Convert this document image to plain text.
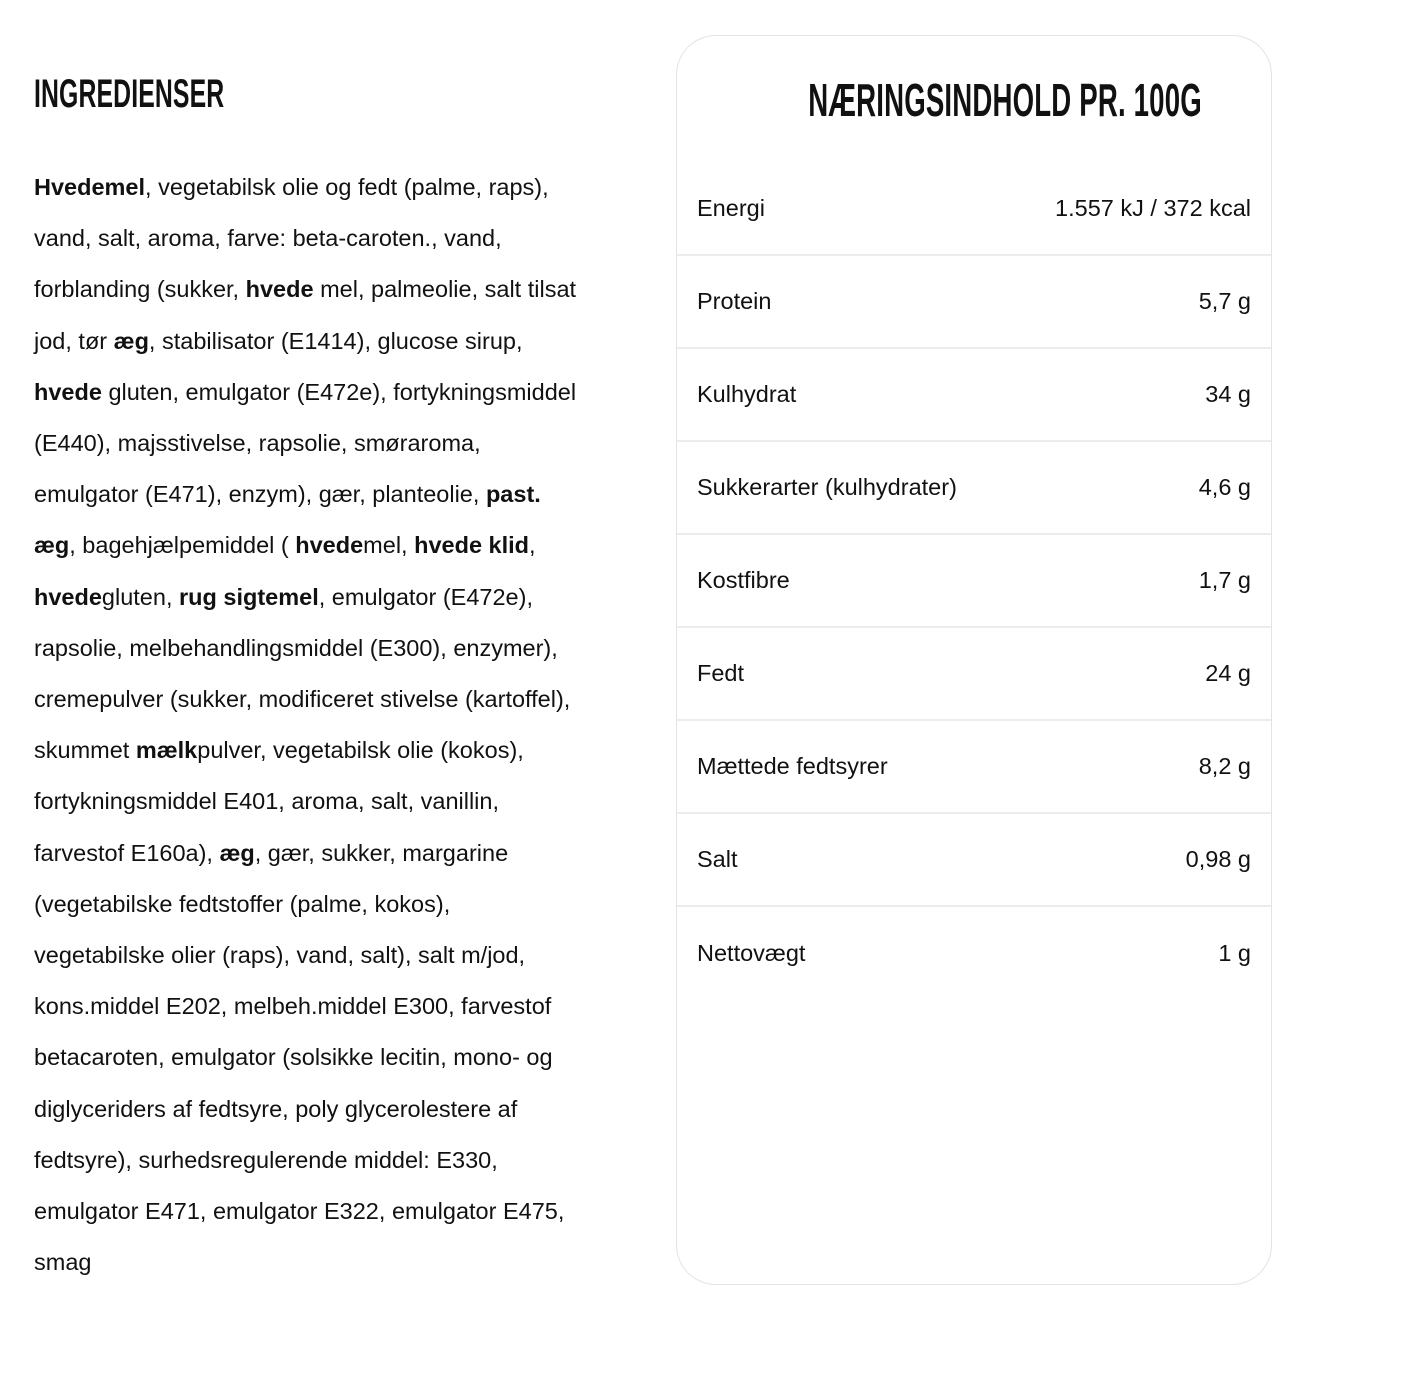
INGREDIENSER

Hvedemel, vegetabilsk olie og fedt (palme, raps),
vand, salt, aroma, farve: beta-caroten., vand,
forblanding (sukker, hvede mel, palmeolie, salt tilsat
jod, tør æg, stabilisator (E1414), glucose sirup,
hvede gluten, emulgator (E472e), fortykningsmiddel
(E440), majsstivelse, rapsolie, smøraroma,
emulgator (E471), enzym), gær, planteolie, past.
æg, bagehjælpemiddel ( hvedemel, hvede klid,
hvedegluten, rug sigtemel, emulgator (E472e),
rapsolie, melbehandlingsmiddel (E300), enzymer),
cremepulver (sukker, modificeret stivelse (kartoffel),
skummet mælkpulver, vegetabilsk olie (kokos),
fortykningsmiddel E401, aroma, salt, vanillin,
farvestof E160a), æg, gær, sukker, margarine
(vegetabilske fedtstoffer (palme, kokos),
vegetabilske olier (raps), vand, salt), salt m/jod,
kons.middel E202, melbeh.middel E300, farvestof
betacaroten, emulgator (solsikke lecitin, mono- og
diglyceriders af fedtsyre, poly glycerolestere af
fedtsyre), surhedsregulerende middel: E330,
emulgator E471, emulgator E322, emulgator E475,
smag

NÆRINGSINDHOLD PR. 100G
Energi	1.557 kJ / 372 kcal
Protein	5,7 g
Kulhydrat	34 g
Sukkerarter (kulhydrater)	4,6 g
Kostfibre	1,7 g
Fedt	24 g
Mættede fedtsyrer	8,2 g
Salt	0,98 g
Nettovægt	1 g
